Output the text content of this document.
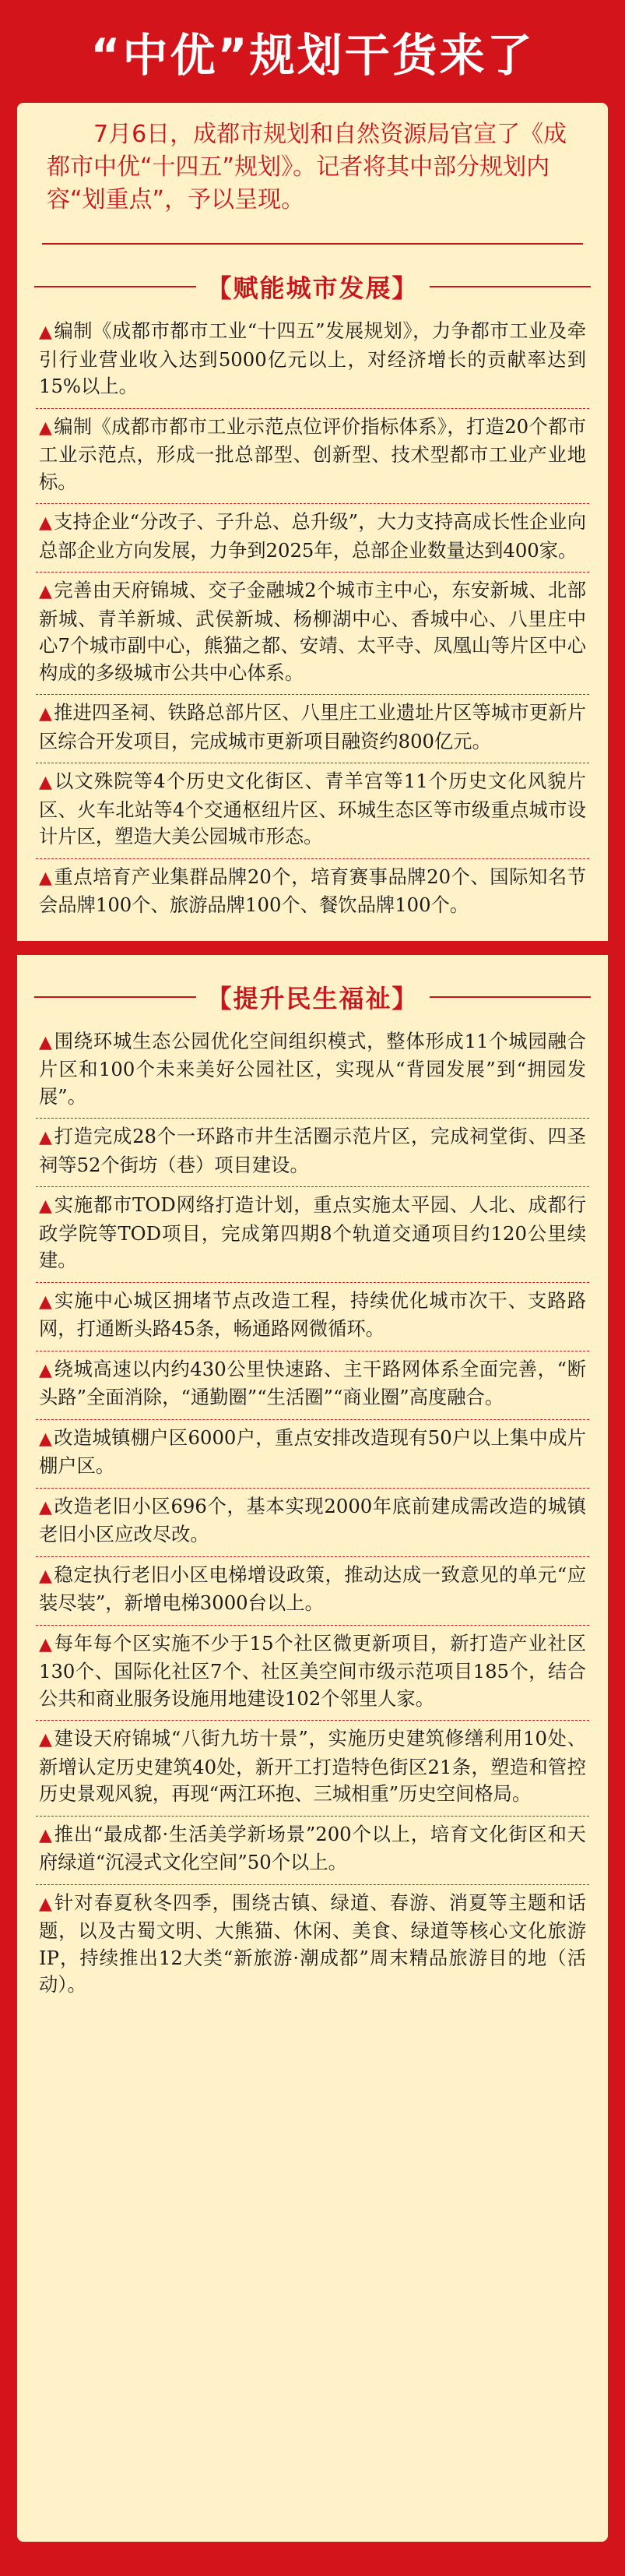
“中优”规划干货来了
7月6日，成都市规划和自然资源局官宣了《成都市中优“十四五”规划》。记者将其中部分规划内容“划重点”，予以呈现。
【赋能城市发展】
▲编制《成都市都市工业“十四五”发展规划》，力争都市工业及牵引行业营业收入达到5000亿元以上，对经济增长的贡献率达到15%以上。
▲编制《成都市都市工业示范点位评价指标体系》，打造20个都市工业示范点，形成一批总部型、创新型、技术型都市工业产业地标。
▲支持企业“分改子、子升总、总升级”，大力支持高成长性企业向总部企业方向发展，力争到2025年，总部企业数量达到400家。
▲完善由天府锦城、交子金融城2个城市主中心，东安新城、北部新城、青羊新城、武侯新城、杨柳湖中心、香城中心、八里庄中心7个城市副中心，熊猫之都、安靖、太平寺、凤凰山等片区中心构成的多级城市公共中心体系。
▲推进四圣祠、铁路总部片区、八里庄工业遗址片区等城市更新片区综合开发项目，完成城市更新项目融资约800亿元。
▲以文殊院等4个历史文化街区、青羊宫等11个历史文化风貌片区、火车北站等4个交通枢纽片区、环城生态区等市级重点城市设计片区，塑造大美公园城市形态。
▲重点培育产业集群品牌20个，培育赛事品牌20个、国际知名节会品牌100个、旅游品牌100个、餐饮品牌100个。
【提升民生福祉】
▲围绕环城生态公园优化空间组织模式，整体形成11个城园融合片区和100个未来美好公园社区，实现从“背园发展”到“拥园发展”。
▲打造完成28个一环路市井生活圈示范片区，完成祠堂街、四圣祠等52个街坊（巷）项目建设。
▲实施都市TOD网络打造计划，重点实施太平园、人北、成都行政学院等TOD项目，完成第四期8个轨道交通项目约120公里续建。
▲实施中心城区拥堵节点改造工程，持续优化城市次干、支路路网，打通断头路45条，畅通路网微循环。
▲绕城高速以内约430公里快速路、主干路网体系全面完善，“断头路”全面消除，“通勤圈”“生活圈”“商业圈”高度融合。
▲改造城镇棚户区6000户，重点安排改造现有50户以上集中成片棚户区。
▲改造老旧小区696个，基本实现2000年底前建成需改造的城镇老旧小区应改尽改。
▲稳定执行老旧小区电梯增设政策，推动达成一致意见的单元“应装尽装”，新增电梯3000台以上。
▲每年每个区实施不少于15个社区微更新项目，新打造产业社区130个、国际化社区7个、社区美空间市级示范项目185个，结合公共和商业服务设施用地建设102个邻里人家。
▲建设天府锦城“八街九坊十景”，实施历史建筑修缮利用10处、新增认定历史建筑40处，新开工打造特色街区21条，塑造和管控历史景观风貌，再现“两江环抱、三城相重”历史空间格局。
▲推出“最成都·生活美学新场景”200个以上，培育文化街区和天府绿道“沉浸式文化空间”50个以上。
▲针对春夏秋冬四季，围绕古镇、绿道、春游、消夏等主题和话题，以及古蜀文明、大熊猫、休闲、美食、绿道等核心文化旅游IP，持续推出12大类“新旅游·潮成都”周末精品旅游目的地（活动）。
